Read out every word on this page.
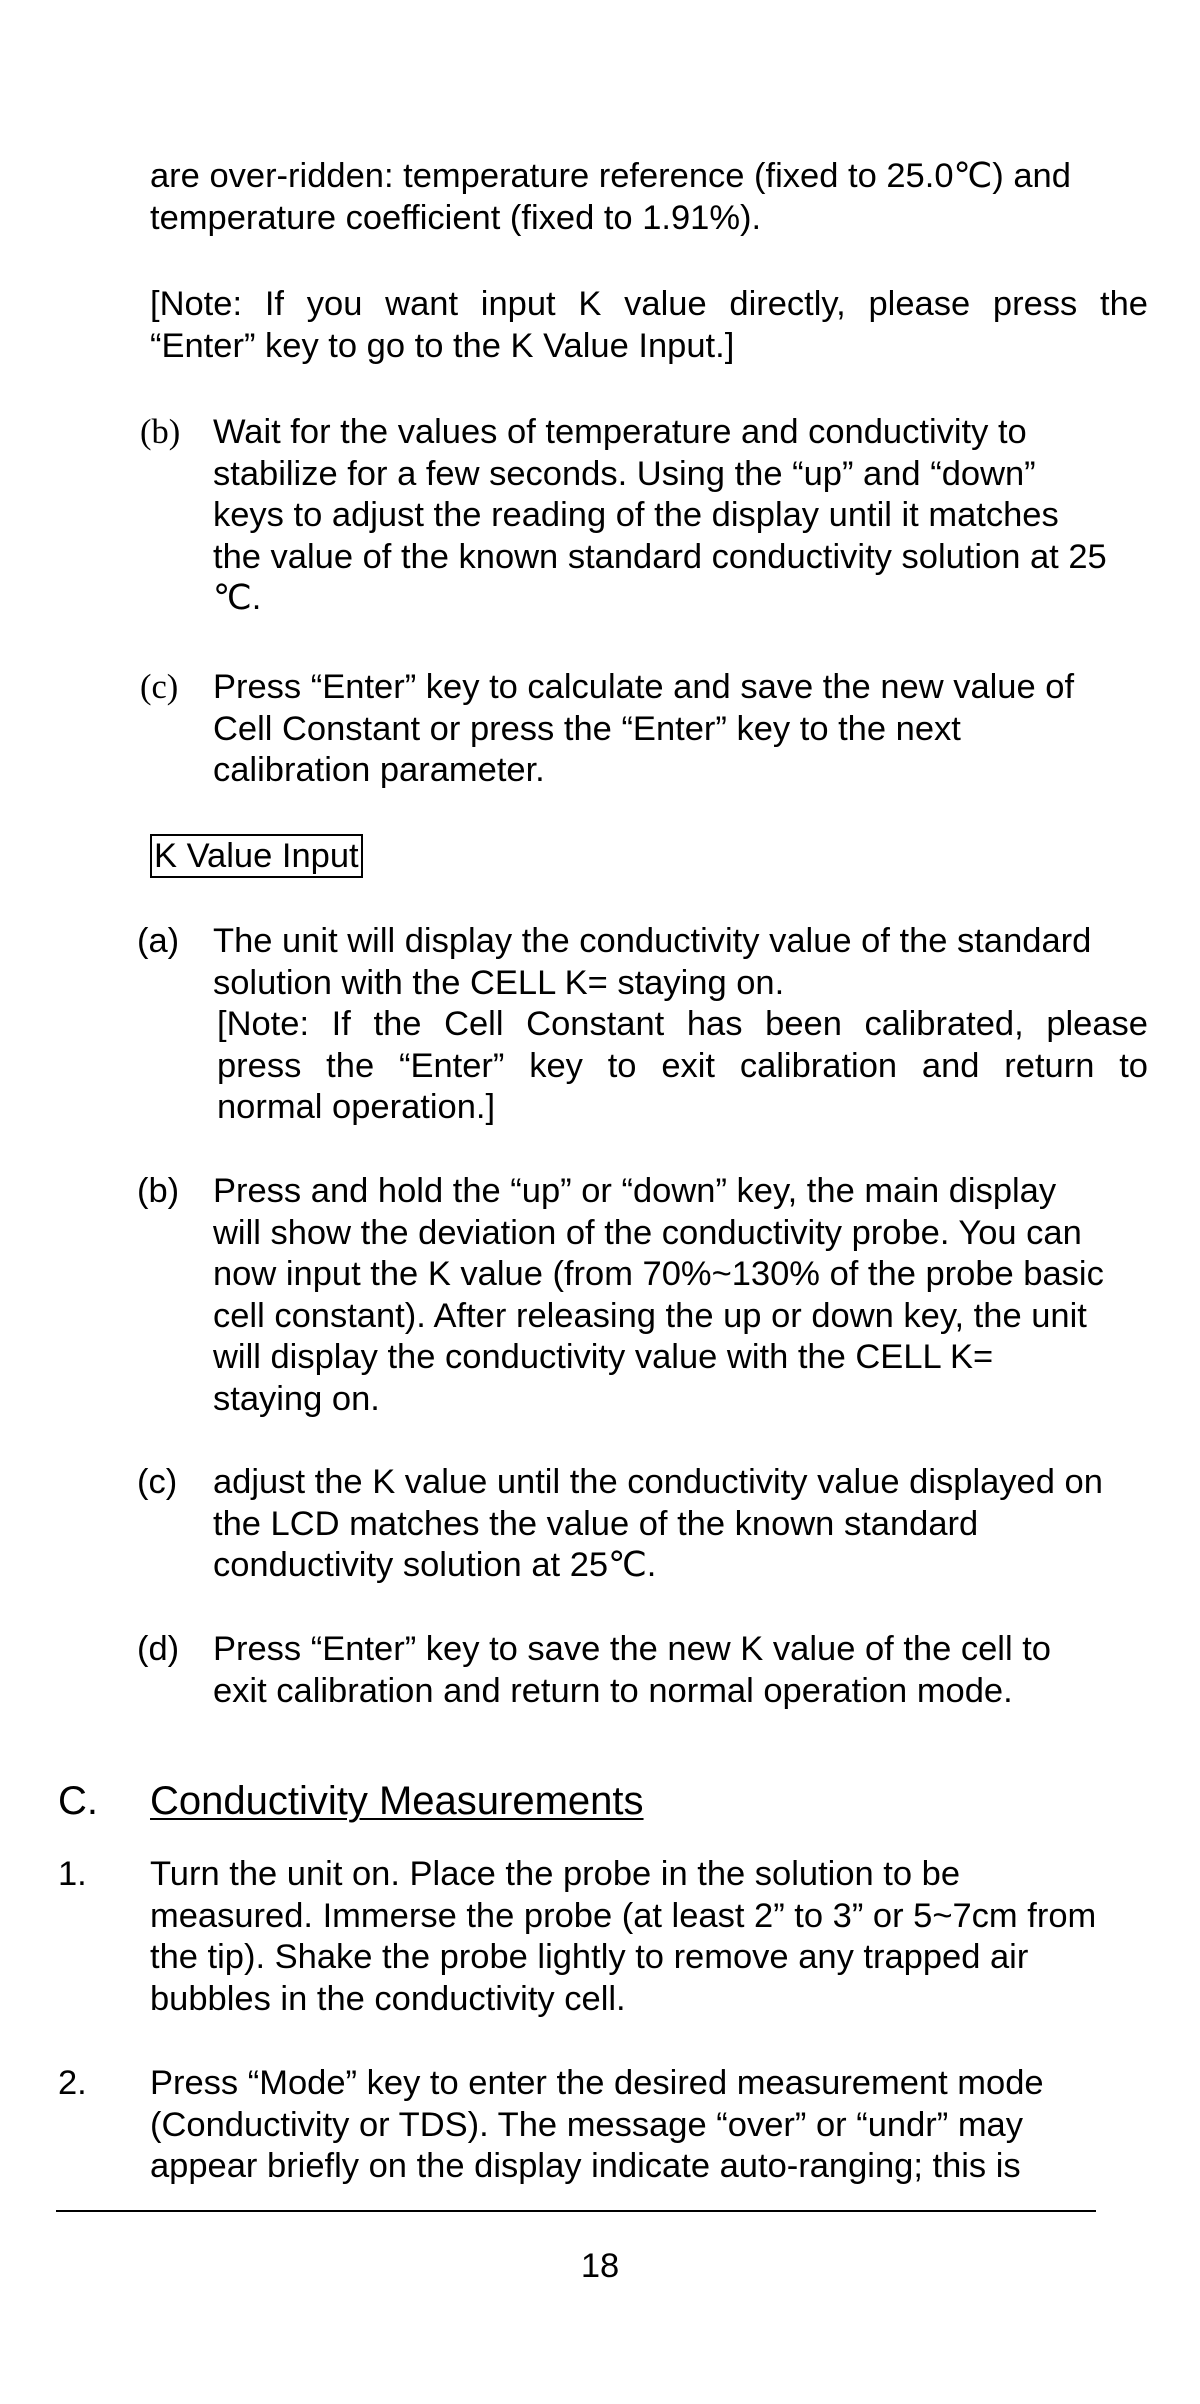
are over-ridden: temperature reference (fixed to 25.0℃) and

temperature coefficient (fixed to 1.91%).

[Note: If you want input K value directly, please press the

“Enter” key to go to the K Value Input.]

(b) Wait for the values of temperature and conductivity to

stabilize for a few seconds. Using the “up” and “down”

keys to adjust the reading of the display until it matches

the value of the known standard conductivity solution at 25

℃.

(c) Press “Enter” key to calculate and save the new value of

Cell Constant or press the “Enter” key to the next

calibration parameter.

K Value Input
(a) The unit will display the conductivity value of the standard

solution with the CELL K= staying on.

[Note: If the Cell Constant has been calibrated, please

press the “Enter” key to exit calibration and return to

normal operation.]

(b) Press and hold the “up” or “down” key, the main display

will show the deviation of the conductivity probe. You can

now input the K value (from 70%~130% of the probe basic

cell constant). After releasing the up or down key, the unit

will display the conductivity value with the CELL K=

staying on.

(c) adjust the K value until the conductivity value displayed on

the LCD matches the value of the known standard

conductivity solution at 25℃.

(d) Press “Enter” key to save the new K value of the cell to

exit calibration and return to normal operation mode.

C. Conductivity Measurements
1. Turn the unit on. Place the probe in the solution to be

measured. Immerse the probe (at least 2” to 3” or 5~7cm from

the tip). Shake the probe lightly to remove any trapped air

bubbles in the conductivity cell.

2. Press “Mode” key to enter the desired measurement mode

(Conductivity or TDS). The message “over” or “undr” may

appear briefly on the display indicate auto-ranging; this is

18
